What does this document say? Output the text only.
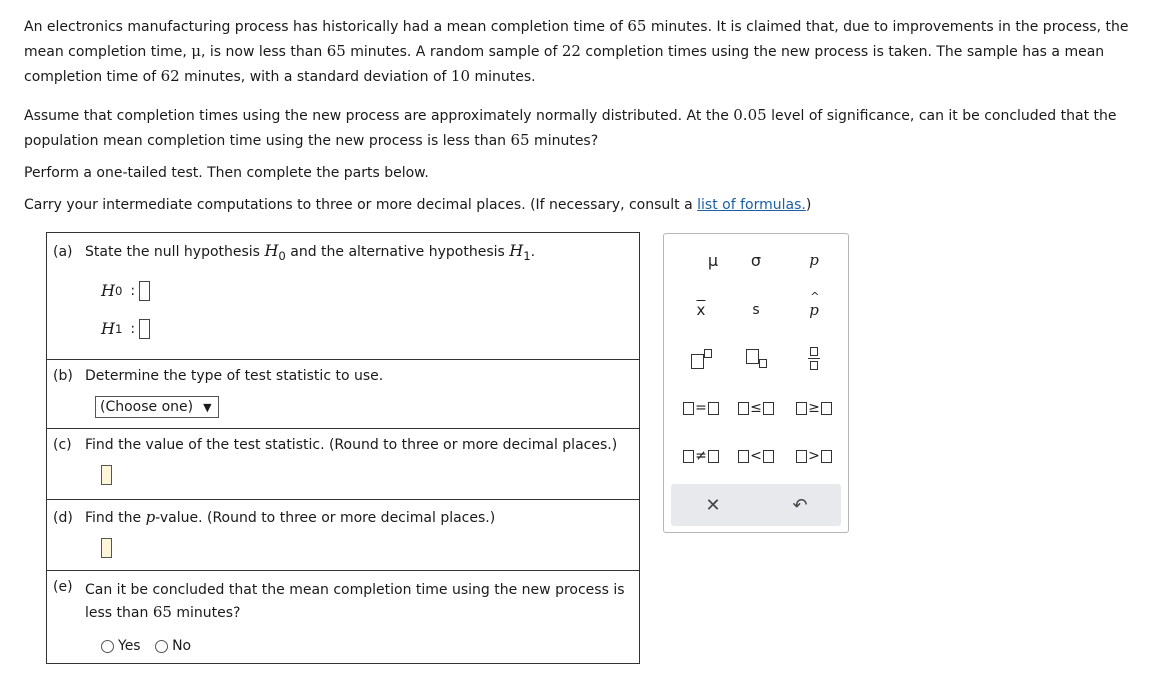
An electronics manufacturing process has historically had a mean completion time of 65 minutes. It is claimed that, due to improvements in the process, the mean completion time, μ, is now less than 65 minutes. A random sample of 22 completion times using the new process is taken. The sample has a mean completion time of 62 minutes, with a standard deviation of 10 minutes.

Assume that completion times using the new process are approximately normally distributed. At the 0.05 level of significance, can it be concluded that the population mean completion time using the new process is less than 65 minutes?

Perform a one-tailed test. Then complete the parts below.

Carry your intermediate computations to three or more decimal places. (If necessary, consult a list of formulas.)

(a) State the null hypothesis $H_0$ and the alternative hypothesis $H_1$.
H 0 :
H 1 :
(b) Determine the type of test statistic to use.
(Choose one) ▼
(c) Find the value of the test statistic. (Round to three or more decimal places.)
(d) Find the p-value. (Round to three or more decimal places.)
(e) Can it be concluded that the mean completion time using the new process is less than 65 minutes?
Yes
No
μ σ	p
$\overline{x}$	s
^
p
=	≤	≥
≠	<	>
✕	↶
